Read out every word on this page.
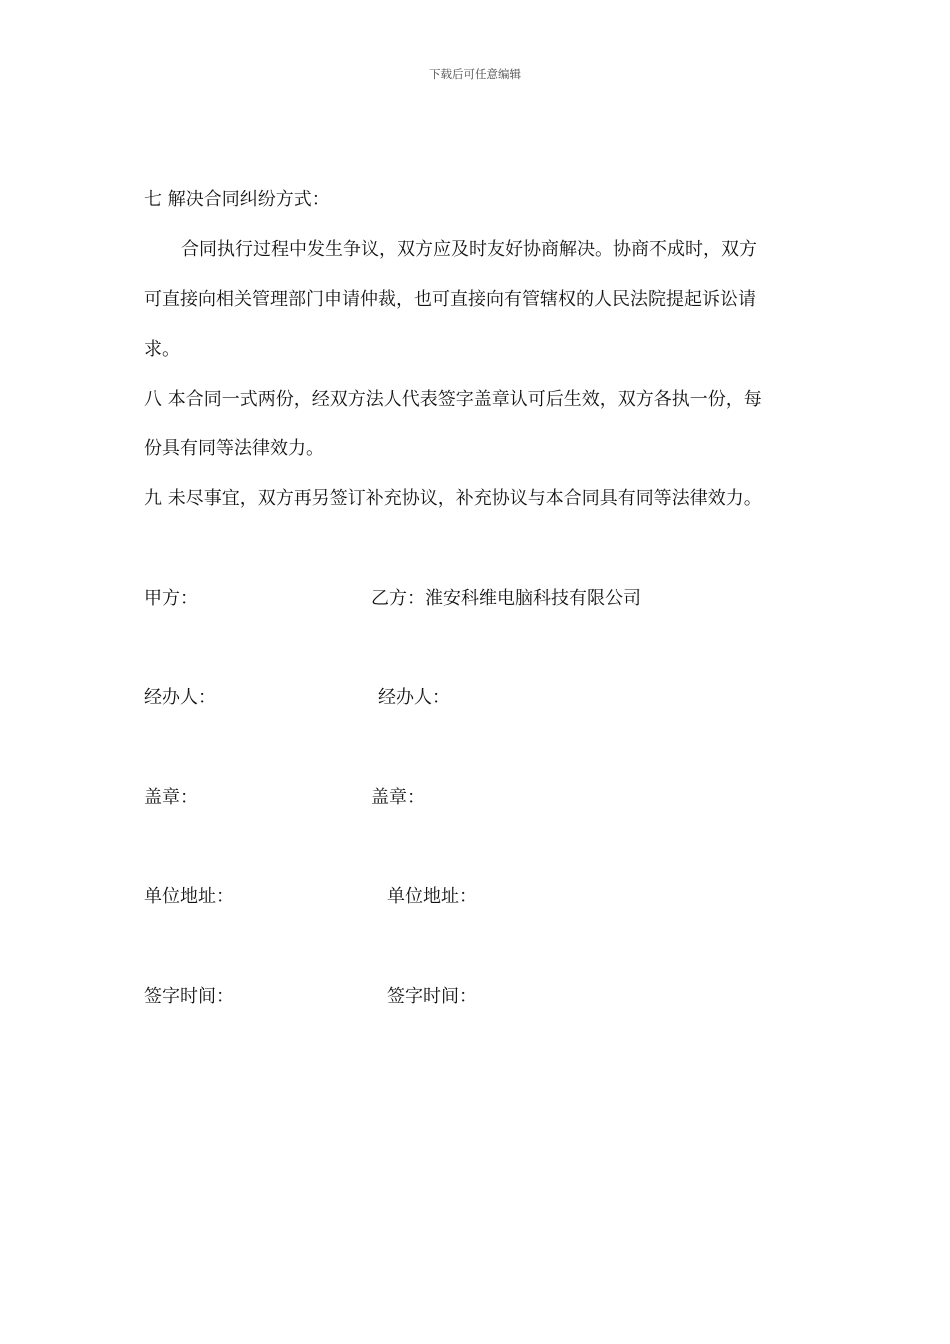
下载后可任意编辑
七 解决合同纠纷方式：
合同执行过程中发生争议，双方应及时友好协商解决。协商不成时，双方
可直接向相关管理部门申请仲裁，也可直接向有管辖权的人民法院提起诉讼请
求。
八 本合同一式两份，经双方法人代表签字盖章认可后生效，双方各执一份，每
份具有同等法律效力。
九 未尽事宜，双方再另签订补充协议，补充协议与本合同具有同等法律效力。
甲方：	乙方：淮安科维电脑科技有限公司
经办人：	经办人：
盖章：	盖章：
单位地址：	单位地址：
签字时间：	签字时间：
